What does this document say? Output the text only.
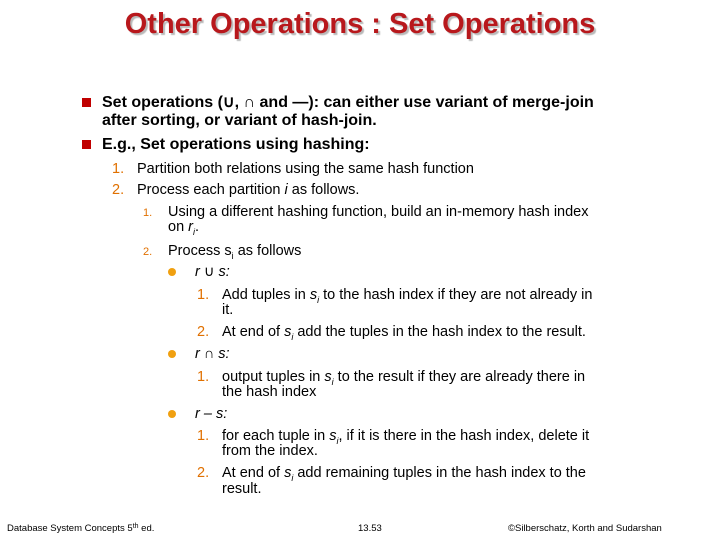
Other Operations : Set Operations
Set operations (∪, ∩ and —): can either use variant of merge-join
after sorting, or variant of hash-join.
E.g., Set operations using hashing:
1. Partition both relations using the same hash function
2. Process each partition i as follows.
1. Using a different hashing function, build an in-memory hash index
on $r_i$.
2. Process $s_i$ as follows
r ∪ s:
1. Add tuples in $s_i$ to the hash index if they are not already in
it.
2. At end of $s_i$ add the tuples in the hash index to the result.
r ∩ s:
1. output tuples in $s_i$ to the result if they are already there in
the hash index
r – s:
1. for each tuple in $s_i$, if it is there in the hash index, delete it
from the index.
2. At end of $s_i$ add remaining tuples in the hash index to the
result.
Database System Concepts 5th ed.	13.53	©Silberschatz, Korth and Sudarshan
